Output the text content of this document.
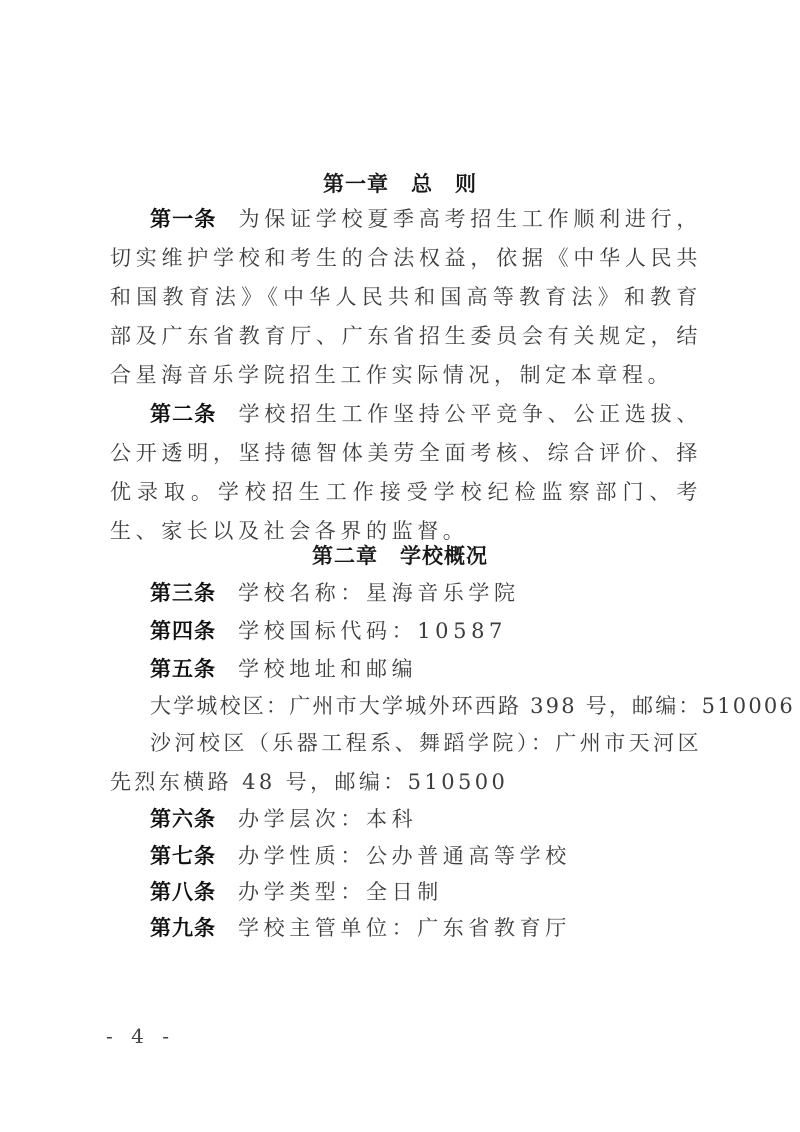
第一章 总　则
第一条 为保证学校夏季高考招生工作顺利进行，切实维护学校和考生的合法权益，依据《中华人民共和国教育法》《中华人民共和国高等教育法》和教育部及广东省教育厅、广东省招生委员会有关规定，结合星海音乐学院招生工作实际情况，制定本章程。
第二条 学校招生工作坚持公平竞争、公正选拔、公开透明，坚持德智体美劳全面考核、综合评价、择优录取。学校招生工作接受学校纪检监察部门、考生、家长以及社会各界的监督。
第二章 学校概况
第三条 学校名称：星海音乐学院
第四条 学校国标代码：10587
第五条 学校地址和邮编
大学城校区：广州市大学城外环西路 398 号，邮编：510006
沙河校区（乐器工程系、舞蹈学院）：广州市天河区先烈东横路 48 号，邮编：510500
第六条 办学层次：本科
第七条 办学性质：公办普通高等学校
第八条 办学类型：全日制
第九条 学校主管单位：广东省教育厅
- 4 -
